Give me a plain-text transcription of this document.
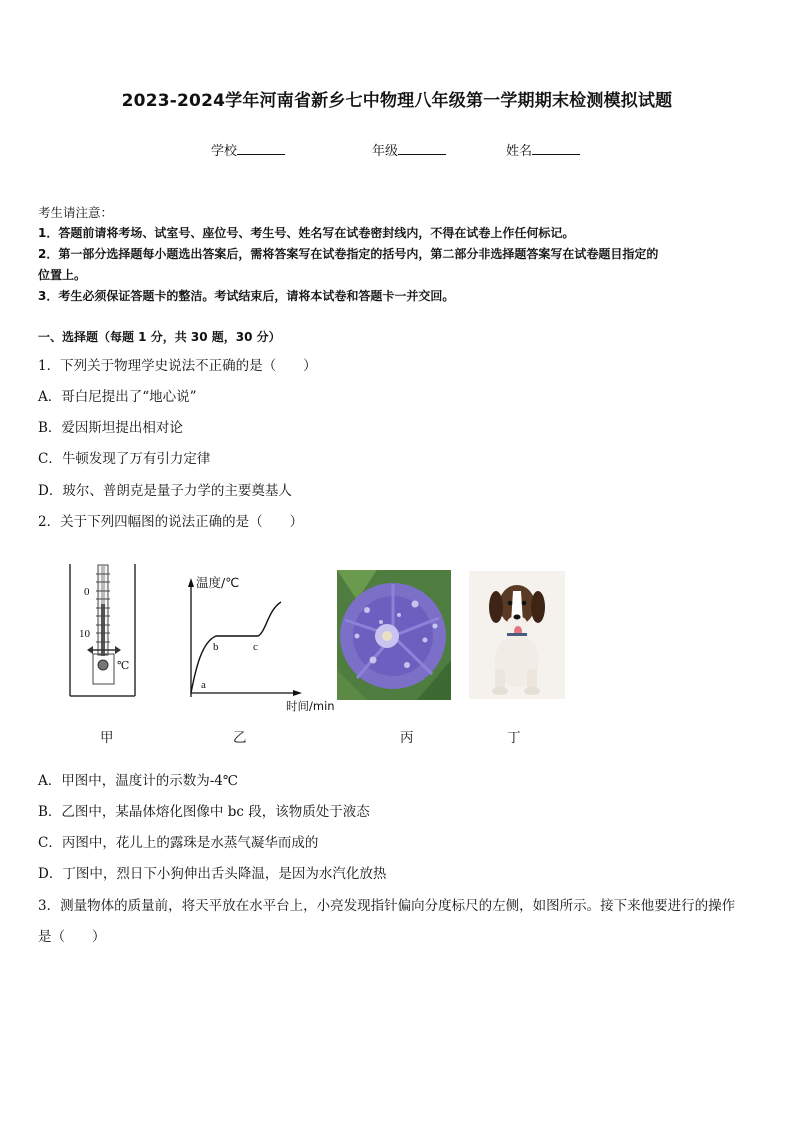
2023-2024学年河南省新乡七中物理八年级第一学期期末检测模拟试题
学校	年级	姓名
考生请注意：
1．答题前请将考场、试室号、座位号、考生号、姓名写在试卷密封线内，不得在试卷上作任何标记。
2．第一部分选择题每小题选出答案后，需将答案写在试卷指定的括号内，第二部分非选择题答案写在试卷题目指定的
位置上。
3．考生必须保证答题卡的整洁。考试结束后，请将本试卷和答题卡一并交回。
一、选择题（每题 1 分，共 30 题，30 分）
1．下列关于物理学史说法不正确的是（　　）
A．哥白尼提出了“地心说”
B．爱因斯坦提出相对论
C．牛顿发现了万有引力定律
D．玻尔、普朗克是量子力学的主要奠基人
2．关于下列四幅图的说法正确的是（　　）
0
10
℃
温度/℃
时间/min
a
b	c
甲	乙	丙	丁
A．甲图中，温度计的示数为-4℃
B．乙图中，某晶体熔化图像中 bc 段，该物质处于液态
C．丙图中，花儿上的露珠是水蒸气凝华而成的
D．丁图中，烈日下小狗伸出舌头降温，是因为水汽化放热
3．测量物体的质量前，将天平放在水平台上，小亮发现指针偏向分度标尺的左侧，如图所示。接下来他要进行的操作
是（　　）
